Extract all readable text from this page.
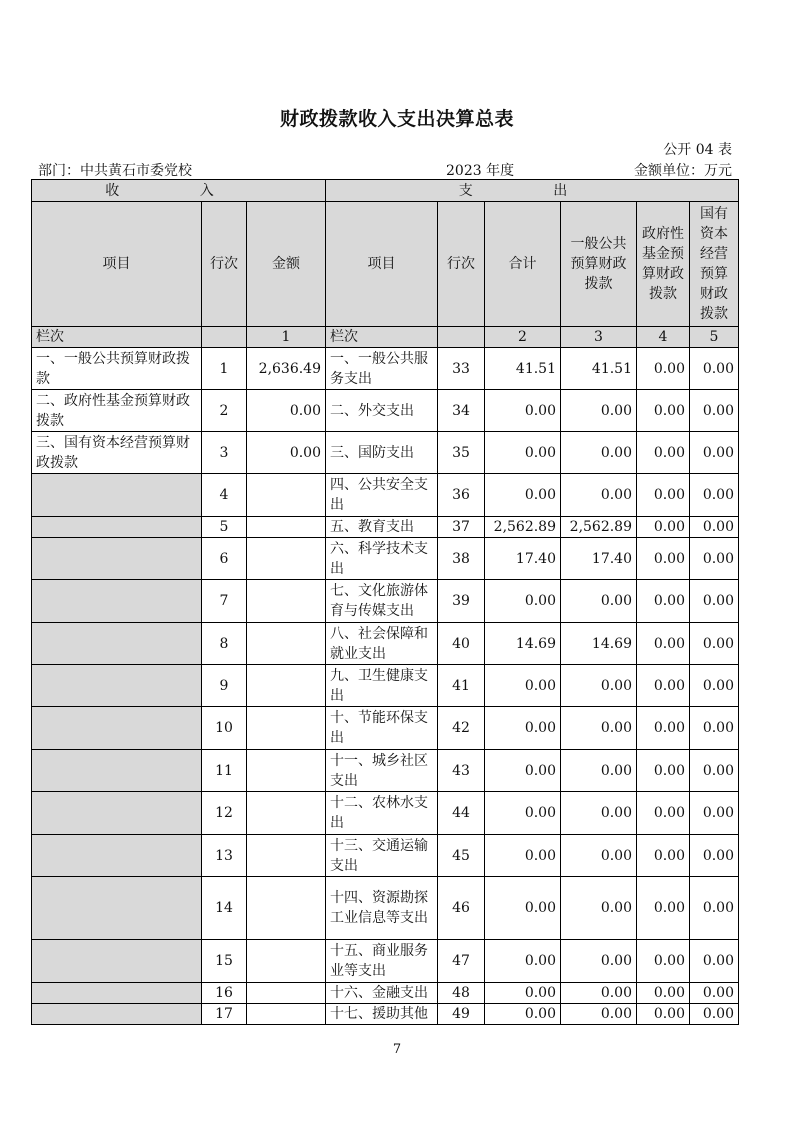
财政拨款收入支出决算总表
公开 04 表
部门：中共黄石市委党校	2023 年度	金额单位：万元
收 入			支 出					
项目	行次	金额	项目	行次	合计	一般公共预算财政拨款	政府性基金预算财政拨款	国有资本经营预算财政拨款
栏次		1	栏次		2	3	4	5
一、一般公共预算财政拨款	1	2,636.49	一、一般公共服务支出	33	41.51	41.51	0.00	0.00
二、政府性基金预算财政拨款	2	0.00	二、外交支出	34	0.00	0.00	0.00	0.00
三、国有资本经营预算财政拨款	3	0.00	三、国防支出	35	0.00	0.00	0.00	0.00
	4		四、公共安全支出	36	0.00	0.00	0.00	0.00
	5		五、教育支出	37	2,562.89	2,562.89	0.00	0.00
	6		六、科学技术支出	38	17.40	17.40	0.00	0.00
	7		七、文化旅游体育与传媒支出	39	0.00	0.00	0.00	0.00
	8		八、社会保障和就业支出	40	14.69	14.69	0.00	0.00
	9		九、卫生健康支出	41	0.00	0.00	0.00	0.00
	10		十、节能环保支出	42	0.00	0.00	0.00	0.00
	11		十一、城乡社区支出	43	0.00	0.00	0.00	0.00
	12		十二、农林水支出	44	0.00	0.00	0.00	0.00
	13		十三、交通运输支出	45	0.00	0.00	0.00	0.00
	14		十四、资源勘探工业信息等支出	46	0.00	0.00	0.00	0.00
	15		十五、商业服务业等支出	47	0.00	0.00	0.00	0.00
	16		十六、金融支出	48	0.00	0.00	0.00	0.00
	17		十七、援助其他	49	0.00	0.00	0.00	0.00
7
